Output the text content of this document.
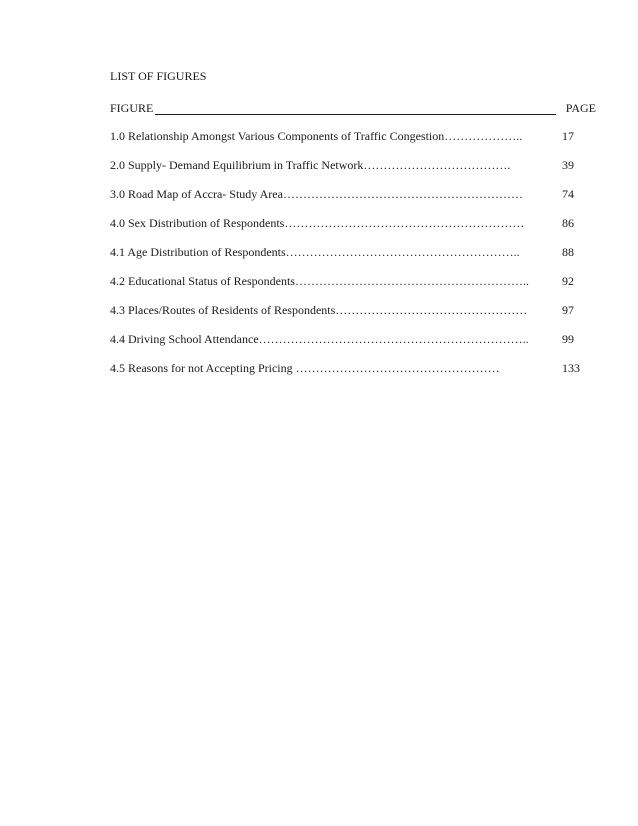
LIST OF FIGURES
FIGURE	PAGE
1.0 Relationship Amongst Various Components of Traffic Congestion………………..	17
2.0 Supply- Demand Equilibrium in Traffic Network……………………………….	39
3.0 Road Map of Accra- Study Area……………………………………………………	74
4.0 Sex Distribution of Respondents……………………………………………………	86
4.1 Age Distribution of Respondents…………………………………………………..	88
4.2 Educational Status of Respondents…………………………………………………..	92
4.3 Places/Routes of Residents of Respondents…………………………………………	97
4.4 Driving School Attendance…………………………………………………………..	99
4.5 Reasons for not Accepting Pricing ……………………………………………	133
